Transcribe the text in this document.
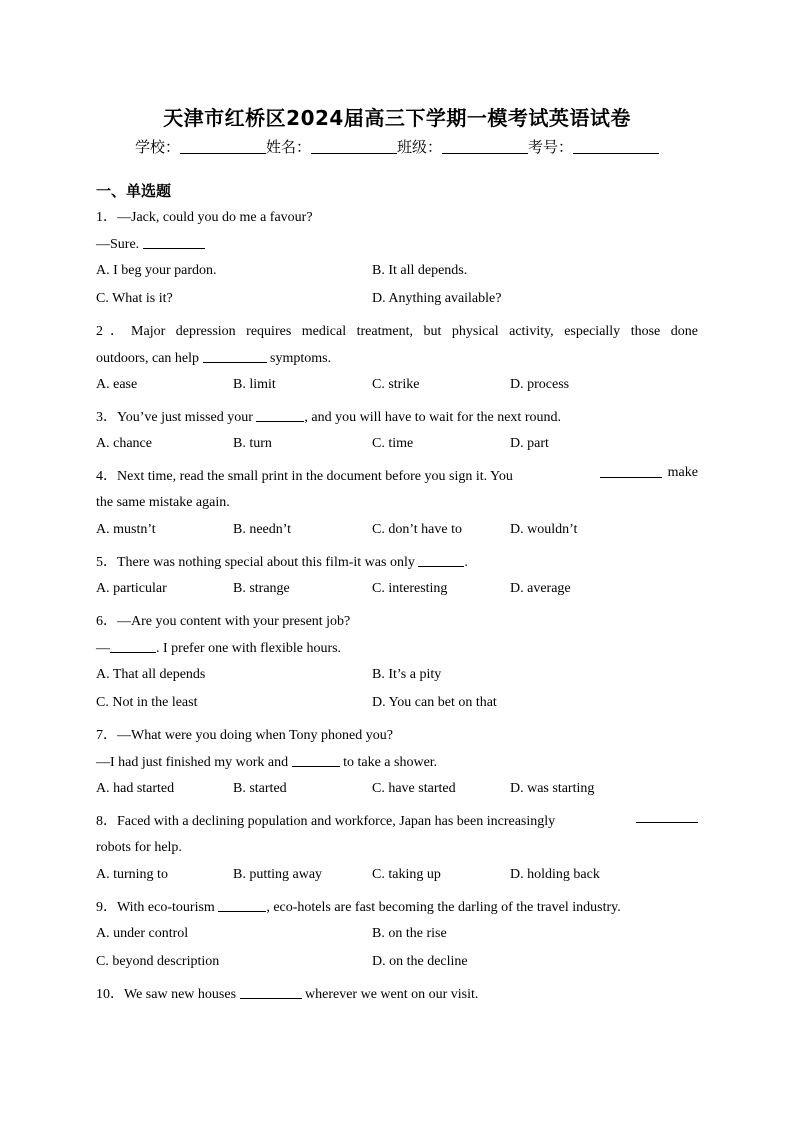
天津市红桥区2024届高三下学期一模考试英语试卷
学校：	姓名：	班级：	考号：
一、单选题
1．—Jack, could you do me a favour?
—Sure.
A. I beg your pardon.	B. It all depends.
C. What is it?	D. Anything available?
2．Major depression requires medical treatment, but physical activity, especially those done
outdoors, can help	symptoms.
A. ease	B. limit	C. strike	D. process
3．You’ve just missed your	, and you will have to wait for the next round.
A. chance	B. turn	C. time	D. part
4．Next time, read the small print in the document before you sign it. You	make
the same mistake again.
A. mustn’t	B. needn’t	C. don’t have to	D. wouldn’t
5．There was nothing special about this film-it was only	.
A. particular	B. strange	C. interesting	D. average
6．—Are you content with your present job?
—	. I prefer one with flexible hours.
A. That all depends	B. It’s a pity
C. Not in the least	D. You can bet on that
7．—What were you doing when Tony phoned you?
—I had just finished my work and	to take a shower.
A. had started	B. started	C. have started	D. was starting
8．Faced with a declining population and workforce, Japan has been increasingly
robots for help.
A. turning to	B. putting away	C. taking up	D. holding back
9．With eco-tourism	, eco-hotels are fast becoming the darling of the travel industry.
A. under control	B. on the rise
C. beyond description	D. on the decline
10．We saw new houses	wherever we went on our visit.
